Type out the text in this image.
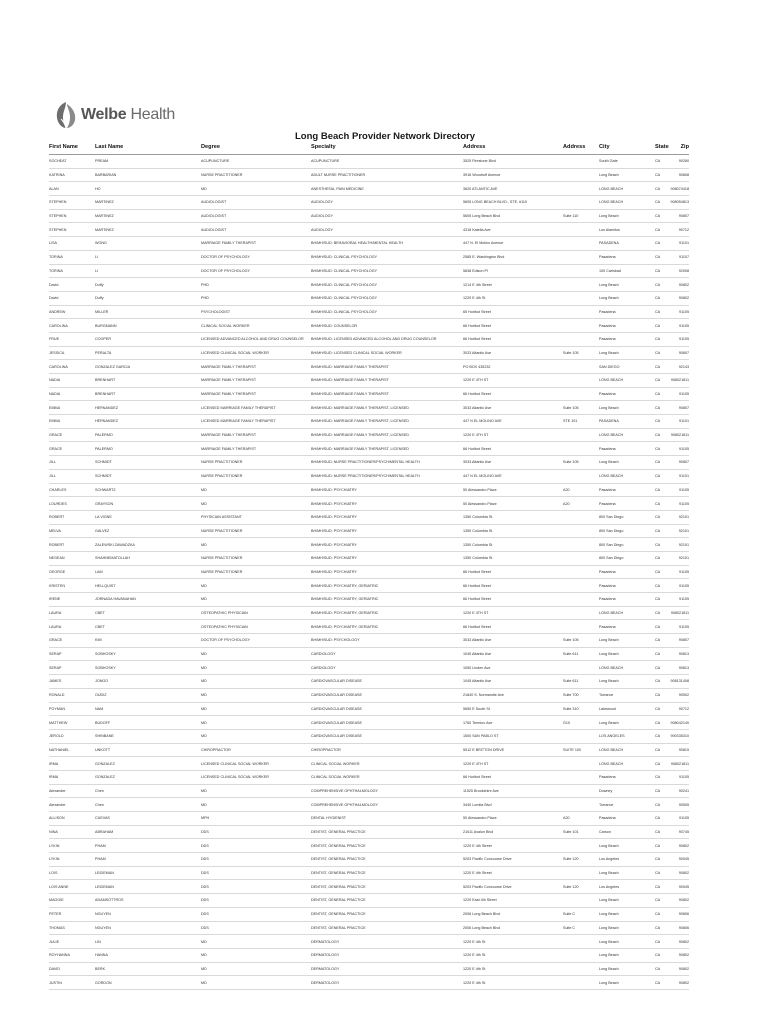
Welbe Health
Long Beach Provider Network Directory
First Name	Last Name	Degree	Specialty	Address	Address	City	State	Zip
SOCHEAT	PREAM	ACUPUNCTURE	ACUPUNCTURE	3525 Firestone Blvd		South Gate	CA	90280
KATRINA	BARBARIAN	NURSE PRACTITIONER	ADULT NURSE PRACTITIONER	3916 Woodruff Avenue		Long Beach	CA	90808
ALAN	HO	MD	ANESTHESIA, PAIN MEDICINE	3620 ATLANTIC AVE		LONG BEACH	CA	908074418
STEPHEN	MARTINEZ	AUDIOLOGIST	AUDIOLOGY	5605 LONG BEACH BLVD., STE. #110		LONG BEACH	CA	908054813
STEPHEN	MARTINEZ	AUDIOLOGIST	AUDIOLOGY	5605 Long Beach Blvd	Suite 110	Long Beach	CA	90807
STEPHEN	MARTINEZ	AUDIOLOGIST	AUDIOLOGY	4318 Katella Ave		Los Alamitos	CA	90712
LISA	WONG	MARRIAGE FAMILY THERAPIST	BH/MH/SUD: BEHAVIORAL HEALTH/MENTAL HEALTH	447 N. El Molino Avenue		PASADENA	CA	91101
TORINA	LI	DOCTOR OF PSYCHOLOGY	BH/MH/SUD: CLINICAL PSYCHOLOGY	2585 E. Washington Blvd		Pasadena	CA	91107
TORINA	LI	DOCTOR OF PSYCHOLOGY	BH/MH/SUD: CLINICAL PSYCHOLOGY	5838 Edison Pl		100 Carlsbad	CA	92008
David	Duffy	PHD	BH/MH/SUD: CLINICAL PSYCHOLOGY	1214 E 4th Street		Long Beach	CA	90802
David	Duffy	PHD	BH/MH/SUD: CLINICAL PSYCHOLOGY	1220 E 4th St		Long Beach	CA	90802
ANDREW	MILLER	PSYCHOLOGIST	BH/MH/SUD: CLINICAL PSYCHOLOGY	65 Hurlbut Street		Pasadena	CA	91105
CAROLINA	BURGMANN	CLINICAL SOCIAL WORKER	BH/MH/SUD: COUNSELOR	66 Hurlbut Street		Pasadena	CA	91105
FRUE	COOPER	LICENSED ADVANCED ALCOHOL AND DRUG COUNSELOR	BH/MH/SUD: LICENSED ADVANCED ALCOHOL AND DRUG COUNSELOR	66 Hurlbut Street		Pasadena	CA	91105
JESSICA	PERALTA	LICENSED CLINICAL SOCIAL WORKER	BH/MH/SUD: LICENSED CLINICAL SOCIAL WORKER	3033 Atlantic Ave	Suite 105	Long Beach	CA	90807
CAROLINA	GONZALEZ GARCIA	MARRIAGE FAMILY THERAPIST	BH/MH/SUD: MARRIAGE FAMILY THERAPIST	PO BOX 435232		SAN DIEGO	CA	92143
NADIA	BRENHART	MARRIAGE FAMILY THERAPIST	BH/MH/SUD: MARRIAGE FAMILY THERAPIST	1220 E 4TH ST		LONG BEACH	CA	908021811
NADIA	BRENHART	MARRIAGE FAMILY THERAPIST	BH/MH/SUD: MARRIAGE FAMILY THERAPIST	66 Hurlbut Street		Pasadena	CA	91105
EMMA	HERNANDEZ	LICENSED MARRIAGE FAMILY THERAPIST	BH/MH/SUD: MARRIAGE FAMILY THERAPIST, LICENSED	3033 Atlantic Ave	Suite 105	Long Beach	CA	90807
EMMA	HERNANDEZ	LICENSED MARRIAGE FAMILY THERAPIST	BH/MH/SUD: MARRIAGE FAMILY THERAPIST, LICENSED	447 N EL MOLINO AVE	STE 101	PASADENA	CA	91101
GRACE	PALERMO	MARRIAGE FAMILY THERAPIST	BH/MH/SUD: MARRIAGE FAMILY THERAPIST, LICENSED	1220 E 4TH ST		LONG BEACH	CA	908021811
GRACE	PALERMO	MARRIAGE FAMILY THERAPIST	BH/MH/SUD: MARRIAGE FAMILY THERAPIST, LICENSED	66 Hurlbut Street		Pasadena	CA	91105
JILL	SCHMIDT	NURSE PRACTITIONER	BH/MH/SUD: NURSE PRACTITIONER/PSYCH/MENTAL HEALTH	3033 Atlantic Ave	Suite 105	Long Beach	CA	90807
JILL	SCHMIDT	NURSE PRACTITIONER	BH/MH/SUD: NURSE PRACTITIONER/PSYCH/MENTAL HEALTH	447 N EL MOLINO AVE		LONG BEACH	CA	91101
CHARLES	SCHWARTZ	MD	BH/MH/SUD: PSYCHIATRY	50 Alessandro Place	A20	Pasadena	CA	91105
LOURDES	GRAYSON	MD	BH/MH/SUD: PSYCHIATRY	50 Alessandro Place	A20	Pasadena	CA	91105
ROBERT	LA VIGNE	PHYSICIAN ASSISTANT	BH/MH/SUD: PSYCHIATRY	1350 Columbia St		800 San Diego	CA	92101
MELVA	GALVEZ	NURSE PRACTITIONER	BH/MH/SUD: PSYCHIATRY	1350 Columbia St		800 San Diego	CA	92101
ROBERT	ZALEWSKI ZAWADZKA	MD	BH/MH/SUD: PSYCHIATRY	1350 Columbia St		800 San Diego	CA	92101
NEGEAN	SHAHNEMATOLLAH	NURSE PRACTITIONER	BH/MH/SUD: PSYCHIATRY	1350 Columbia St		800 San Diego	CA	92101
GEORGE	LAM	NURSE PRACTITIONER	BH/MH/SUD: PSYCHIATRY	66 Hurlbut Street		Pasadena	CA	91105
KRISTEN	HELLQUIST	MD	BH/MH/SUD: PSYCHIATRY, GERIATRIC	66 Hurlbut Street		Pasadena	CA	91105
IRENE	JORNADA HAVANAHAN	MD	BH/MH/SUD: PSYCHIATRY, GERIATRIC	66 Hurlbut Street		Pasadena	CA	91105
LAURA	CBET	OSTEOPATHIC PHYSICIAN	BH/MH/SUD: PSYCHIATRY, GERIATRIC	1220 E 4TH ST		LONG BEACH	CA	908021811
LAURA	CBET	OSTEOPATHIC PHYSICIAN	BH/MH/SUD: PSYCHIATRY, GERIATRIC	66 Hurlbut Street		Pasadena	CA	91105
GRACE	KIM	DOCTOR OF PSYCHOLOGY	BH/MH/SUD: PSYCHOLOGY	3033 Atlantic Ave	Suite 105	Long Beach	CA	90807
SERAP	SOBHOSKY	MD	CARDIOLOGY	1045 Atlantic Ave	Suite 611	Long Beach	CA	90813
SERAP	SOBHOSKY	MD	CARDIOLOGY	1050 Linden Ave		LONG BEACH	CA	90813
JAMES	JONGO	MD	CARDIOVASCULAR DISEASE	1045 Atlantic Ave	Suite 611	Long Beach	CA	908131408
RONALD	OUDIZ	MD	CARDIOVASCULAR DISEASE	21840 S. Normandie Ave	Suite 700	Torrance	CA	90502
POYMAN	NAM	MD	CARDIOVASCULAR DISEASE	5650 E South St	Suite 310	Lakewood	CA	90712
MATTHEW	BUDOFF	MD	CARDIOVASCULAR DISEASE	1760 Termino Ave	G10	Long Beach	CA	908042140
JEROLD	SHINBANE	MD	CARDIOVASCULAR DISEASE	1500 SAN PABLO ST		LOS ANGELES	CA	900335310
NATHANIEL	UNKOTT	CHIROPRACTOR	CHIROPRACTOR	5512 E BRITTON DRIVE	SUITE 100	LONG BEACH	CA	90815
IRMA	GONZALEZ	LICENSED CLINICAL SOCIAL WORKER	CLINICAL SOCIAL WORKER	1220 E 4TH ST		LONG BEACH	CA	908021811
IRMA	GONZALEZ	LICENSED CLINICAL SOCIAL WORKER	CLINICAL SOCIAL WORKER	66 Hurlbut Street		Pasadena	CA	91105
Alexander	Chen	MD	COMPREHENSIVE OPHTHALMOLOGY	11525 Brookshire Ave		Downey	CA	90241
Alexander	Chen	MD	COMPREHENSIVE OPHTHALMOLOGY	3440 Lomita Blvd		Torrance	CA	90505
ALLISON	CUEVAS	MPH	DENTAL HYGIENIST	50 Alessandro Place	A20	Pasadena	CA	91105
NINA	ABRAHAM	DDS	DENTIST, GENERAL PRACTICE	21611 Avalon Blvd	Suite 101	Carson	CA	90745
LYKIN	PHAM	DDS	DENTIST, GENERAL PRACTICE	1220 E 4th Street		Long Beach	CA	90802
LYKIN	PHAM	DDS	DENTIST, GENERAL PRACTICE	5203 Pacific Concourse Drive	Suite 120	Los Angeles	CA	90045
LOIS	LEIDEMAN	DDS	DENTIST, GENERAL PRACTICE	1220 E 4th Street		Long Beach	CA	90802
LOIS ANNE	LEIDEMAN	DDS	DENTIST, GENERAL PRACTICE	5203 Pacific Concourse Drive	Suite 120	Los Angeles	CA	90045
MAGGIE	ADAMSOTTROS	DDS	DENTIST, GENERAL PRACTICE	1220 East 4th Street		Long Beach	CA	90802
PETER	NGUYEN	DDS	DENTIST, GENERAL PRACTICE	2006 Long Beach Blvd	Suite C	Long Beach	CA	90806
THOMAS	NGUYEN	DDS	DENTIST, GENERAL PRACTICE	2006 Long Beach Blvd	Suite C	Long Beach	CA	90806
JULIE	LIN	MD	DERMATOLOGY	1220 E 4th St		Long Beach	CA	90802
ROYHANNA	HANNA	MD	DERMATOLOGY	1220 E 4th St		Long Beach	CA	90802
DAVID	BERK	MD	DERMATOLOGY	1220 E 4th St		Long Beach	CA	90802
JUSTIN	GORDON	MD	DERMATOLOGY	1220 E 4th St		Long Beach	CA	90802
